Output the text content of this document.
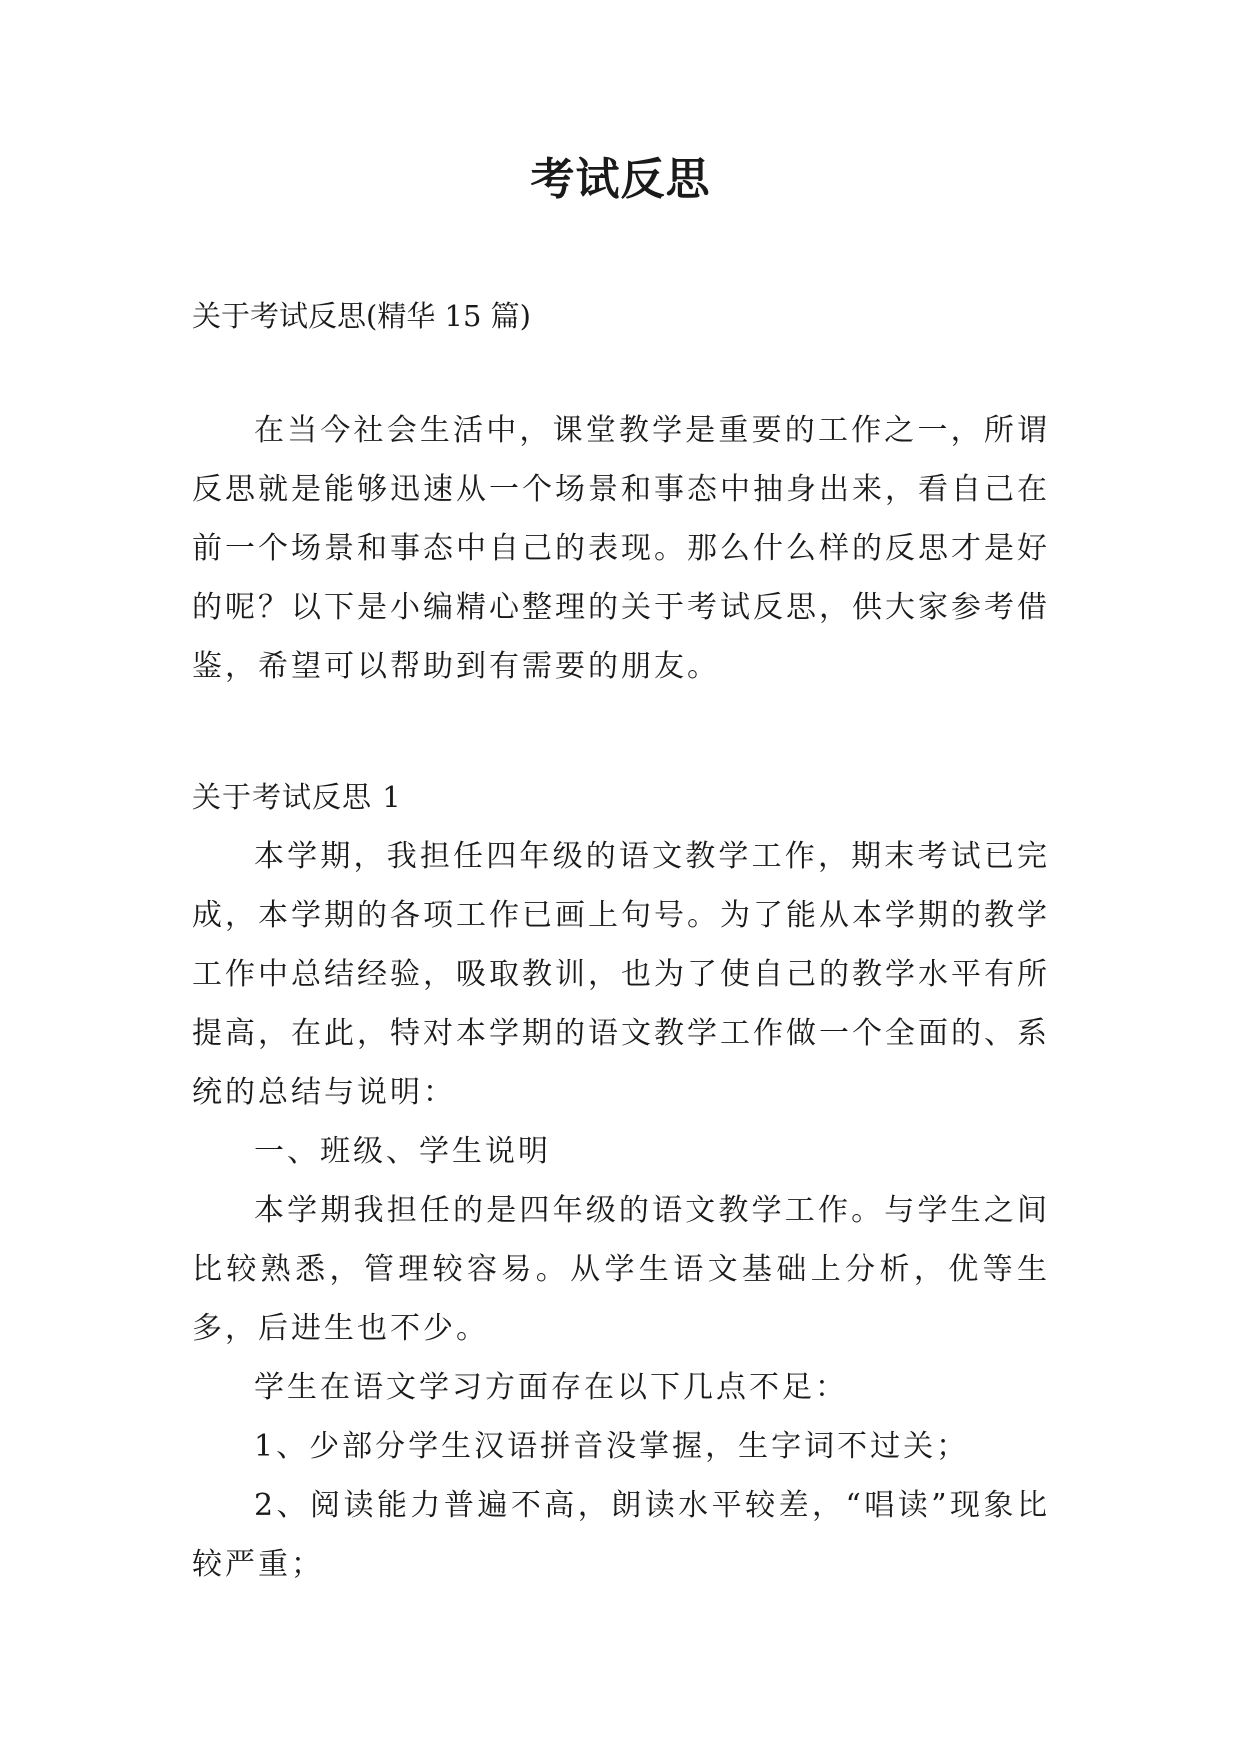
考试反思

关于考试反思(精华 15 篇)

在当今社会生活中，课堂教学是重要的工作之一，所谓反思就是能够迅速从一个场景和事态中抽身出来，看自己在前一个场景和事态中自己的表现。那么什么样的反思才是好的呢？以下是小编精心整理的关于考试反思，供大家参考借鉴，希望可以帮助到有需要的朋友。

关于考试反思 1

本学期，我担任四年级的语文教学工作，期末考试已完成，本学期的各项工作已画上句号。为了能从本学期的教学工作中总结经验，吸取教训，也为了使自己的教学水平有所提高，在此，特对本学期的语文教学工作做一个全面的、系统的总结与说明：

一、班级、学生说明

本学期我担任的是四年级的语文教学工作。与学生之间比较熟悉，管理较容易。从学生语文基础上分析，优等生多，后进生也不少。

学生在语文学习方面存在以下几点不足：

1、少部分学生汉语拼音没掌握，生字词不过关；

2、阅读能力普遍不高，朗读水平较差，“唱读”现象比较严重；
